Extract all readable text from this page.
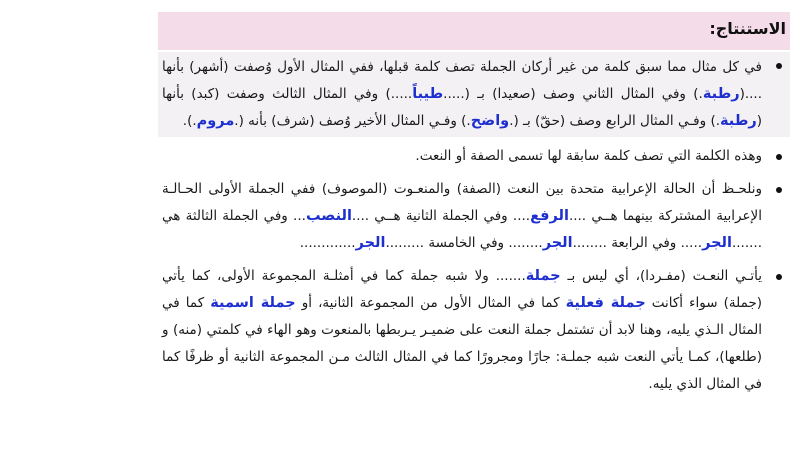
الاستنتاج:
في كل مثال مما سبق كلمة من غير أركان الجملة تصف كلمة قبلها، ففي المثال الأول وُصفت (أشهر) بأنها ....(رطبة.) وفي المثال الثاني وصف (صعيدا) بـ (.....طيباً.....) وفي المثال الثالث وصفت (كبد) بأنها (رطبة.) وفـي المثال الرابع وصف (حقّ) بـ (.واضح.) وفـي المثال الأخير وُصف (شرف) بأنه (.مروم.).
وهذه الكلمة التي تصف كلمة سابقة لها تسمى الصفة أو النعت.
ونلحـظ أن الحالة الإعرابية متحدة بين النعت (الصفة) والمنعـوت (الموصوف) ففي الجملة الأولى الحـالـة الإعرابية المشتركة بينهما هــي ....الرفع.... وفي الجملة الثانية هــي ....النصب... وفي الجملة الثالثة هي .......الجر..... وفي الرابعة ........الجر........ وفي الخامسة .........الجر.............
يأتـي النعـت (مفـردا)، أي ليس بـ جملة....... ولا شبه جملة كما في أمثلـة المجموعة الأولى، كما يأتي (جملة) سواء أكانت جملة فعلية كما في المثال الأول من المجموعة الثانية، أو جملة اسمية كما في المثال الـذي يليه، وهنا لابد أن تشتمل جملة النعت على ضميـر يـربطها بالمنعوت وهو الهاء في كلمتي (منه) و (طلعها)، كمـا يأتي النعت شبه جملـة: جارًا ومجرورًا كما في المثال الثالث مـن المجموعة الثانية أو ظرفًا كما في المثال الذي يليه.
